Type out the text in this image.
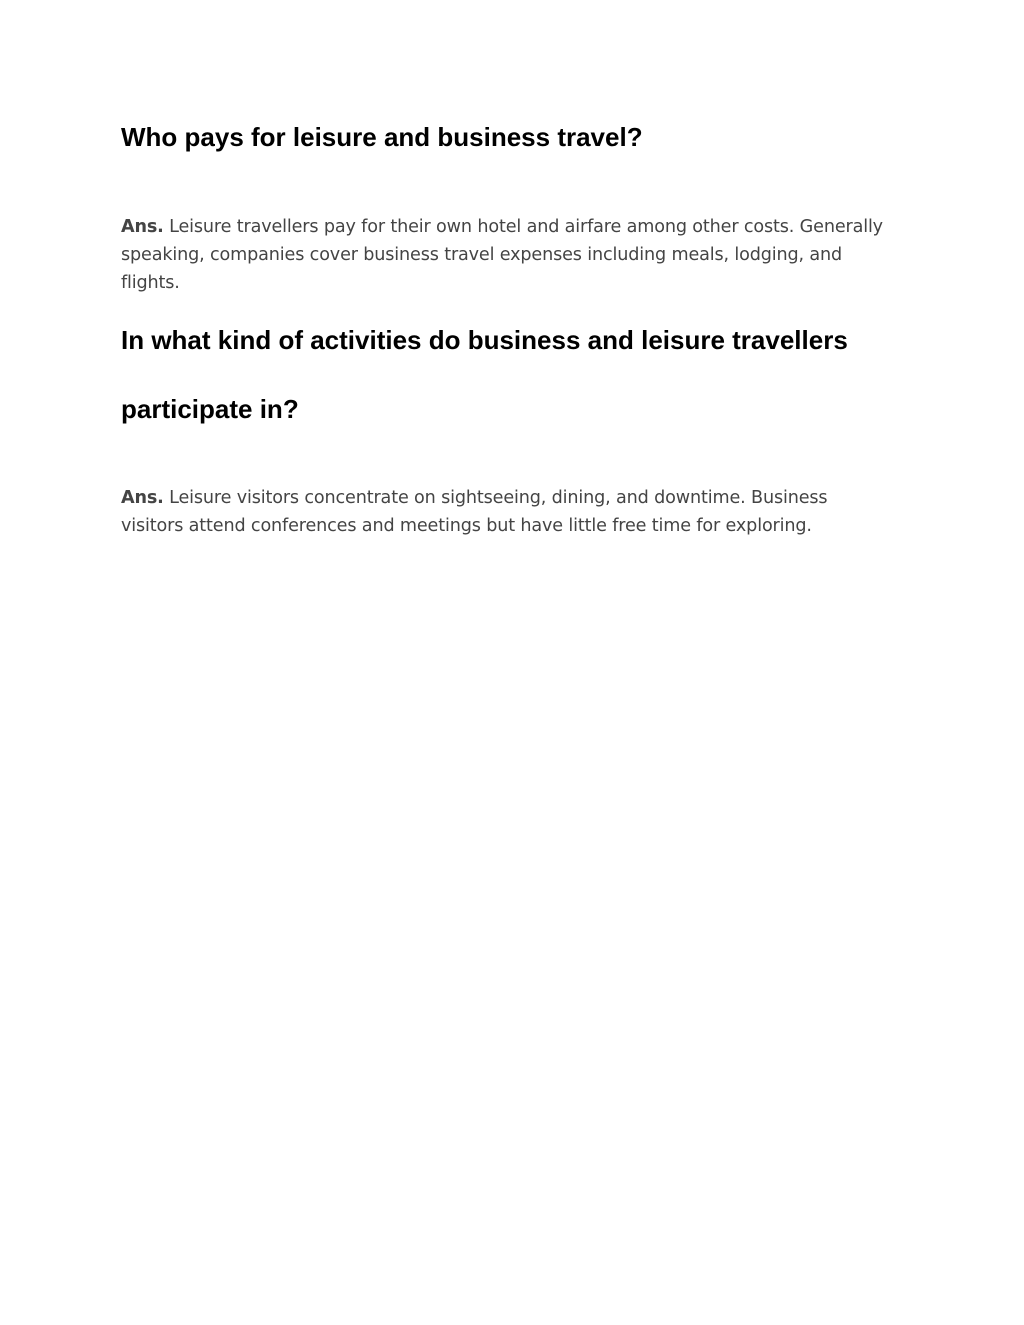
Who pays for leisure and business travel?

Ans. Leisure travellers pay for their own hotel and airfare among other costs. Generally
speaking, companies cover business travel expenses including meals, lodging, and
flights.

In what kind of activities do business and leisure travellers
participate in?

Ans. Leisure visitors concentrate on sightseeing, dining, and downtime. Business
visitors attend conferences and meetings but have little free time for exploring.
